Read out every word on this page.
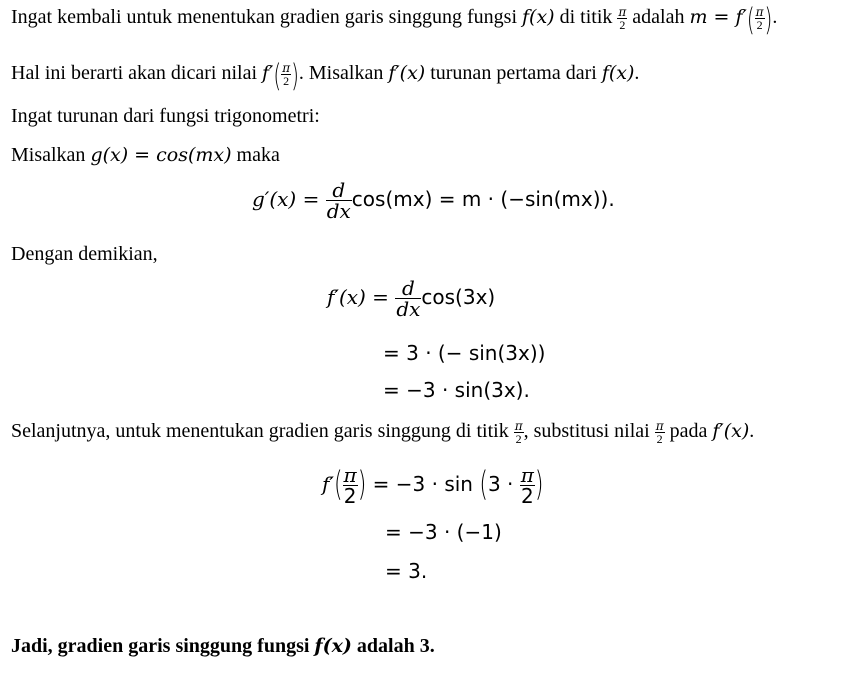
Ingat kembali untuk menentukan gradien garis singgung fungsi f(x) di titik $\frac{\pi}{2}$ adalah $m = f'( \frac{\pi}{2}$ ).
Hal ini berarti akan dicari nilai $f'( \frac{\pi}{2}$ ). Misalkan f′(x) turunan pertama dari f(x).
Ingat turunan dari fungsi trigonometri:
Misalkan g(x) = cos(mx) maka
$g'(x) = \frac{d}{dx} \cos(mx) = m \cdot (-\sin(mx))$.
Dengan demikian,
$f'(x) = \frac{d}{dx} \cos(3x)$
= 3 · (− sin(3x))
= −3 · sin(3x).
Selanjutnya, untuk menentukan gradien garis singgung di titik $\frac{\pi}{2}$ , substitusi nilai $\frac{\pi}{2}$ pada f′(x).
$f'( \frac{\pi}{2}$ ) = $-3 \cdot \sin (3 \cdot \frac{\pi}{2}$ )
= −3 · (−1)
= 3.
Jadi, gradien garis singgung fungsi f(x) adalah 3.
